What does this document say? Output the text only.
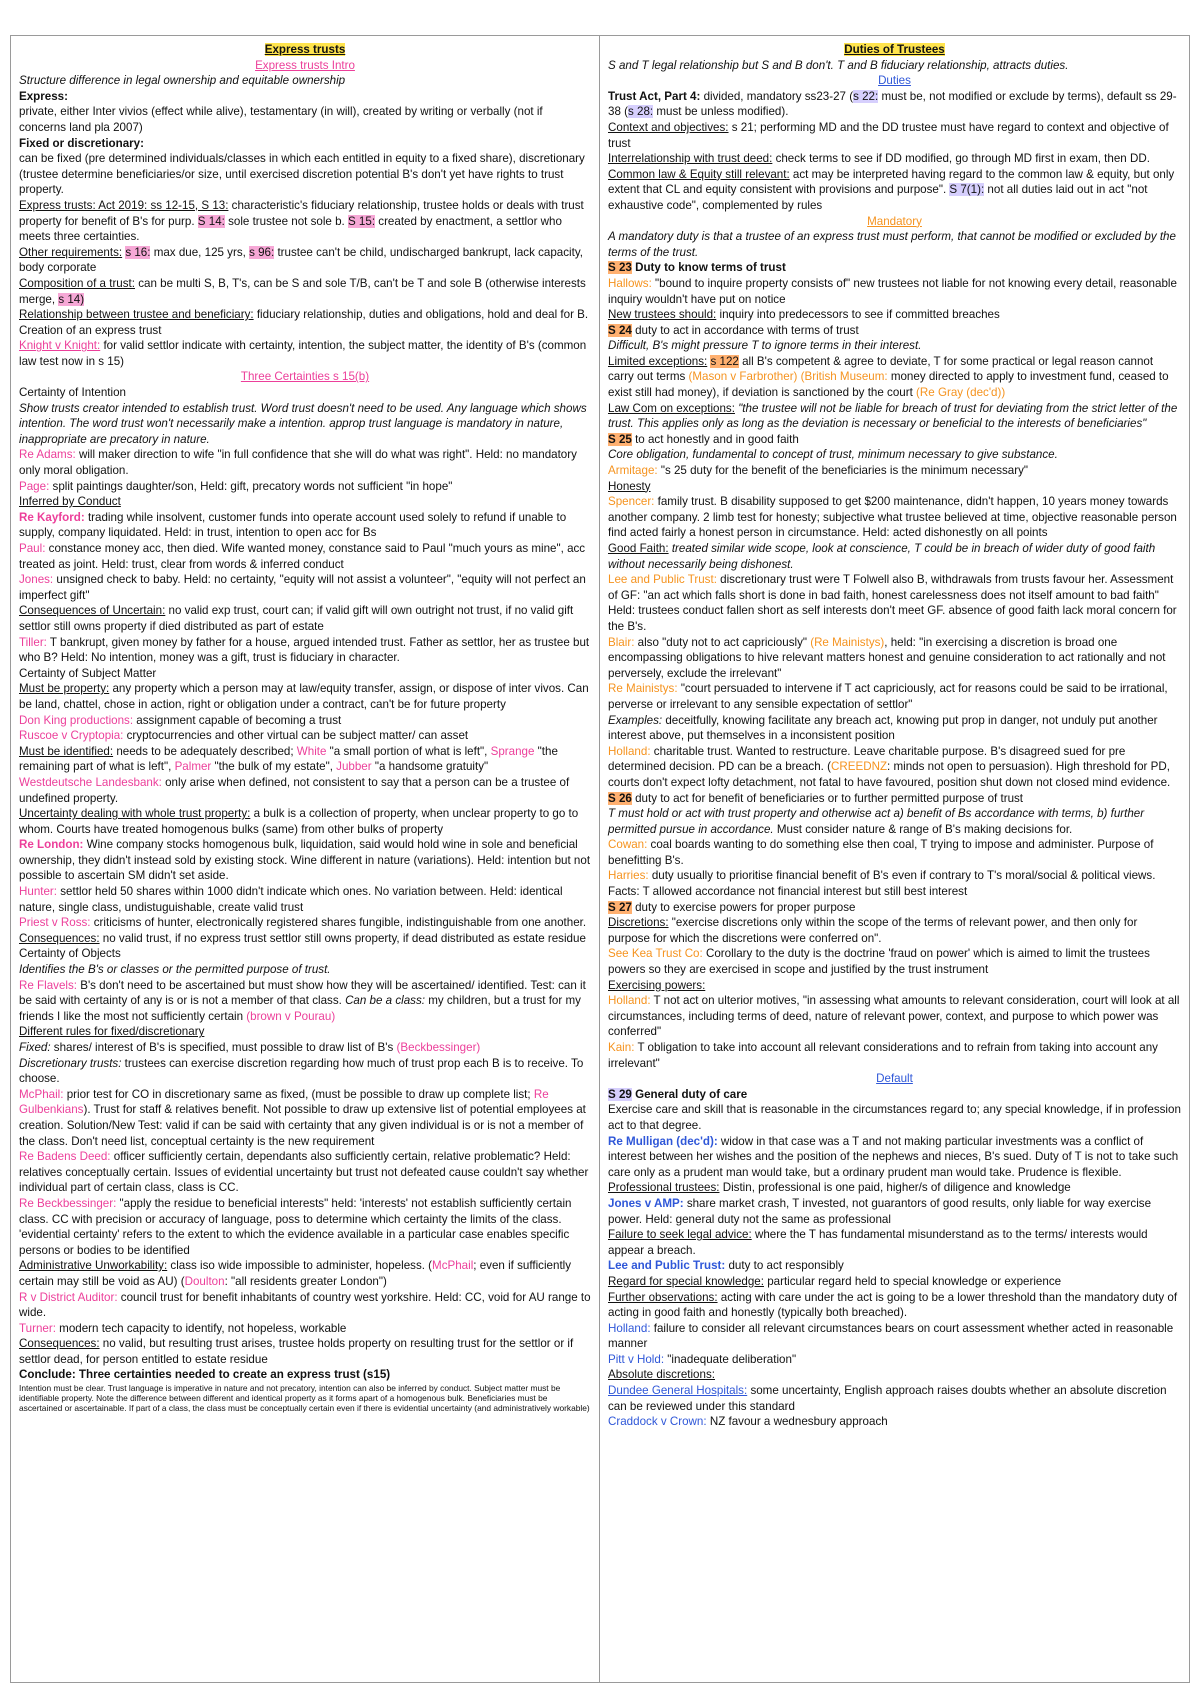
Express trusts

Express trusts Intro

Structure difference in legal ownership and equitable ownership

Express:

private, either Inter vivios (effect while alive), testamentary (in will), created by writing or verbally (not if concerns land pla 2007)

Fixed or discretionary:

can be fixed (pre determined individuals/classes in which each entitled in equity to a fixed share), discretionary (trustee determine beneficiaries/or size, until exercised discretion potential B's don't yet have rights to trust property.

Express trusts: Act 2019: ss 12-15, S 13: characteristic's fiduciary relationship, trustee holds or deals with trust property for benefit of B's for purp. S 14: sole trustee not sole b. S 15: created by enactment, a settlor who meets three certainties.

Other requirements: s 16: max due, 125 yrs, s 96: trustee can't be child, undischarged bankrupt, lack capacity, body corporate

Composition of a trust: can be multi S, B, T's, can be S and sole T/B, can't be T and sole B (otherwise interests merge, s 14)

Relationship between trustee and beneficiary: fiduciary relationship, duties and obligations, hold and deal for B.

Creation of an express trust

Knight v Knight: for valid settlor indicate with certainty, intention, the subject matter, the identity of B's (common law test now in s 15)

Three Certainties s 15(b)

Certainty of Intention

Show trusts creator intended to establish trust. Word trust doesn't need to be used. Any language which shows intention. The word trust won't necessarily make a intention. approp trust language is mandatory in nature, inappropriate are precatory in nature.

Re Adams: will maker direction to wife "in full confidence that she will do what was right". Held: no mandatory only moral obligation.

Page: split paintings daughter/son, Held: gift, precatory words not sufficient "in hope"

Inferred by Conduct

Re Kayford: trading while insolvent, customer funds into operate account used solely to refund if unable to supply, company liquidated. Held: in trust, intention to open acc for Bs

Paul: constance money acc, then died. Wife wanted money, constance said to Paul "much yours as mine", acc treated as joint. Held: trust, clear from words & inferred conduct

Jones: unsigned check to baby. Held: no certainty, "equity will not assist a volunteer", "equity will not perfect an imperfect gift"

Consequences of Uncertain: no valid exp trust, court can; if valid gift will own outright not trust, if no valid gift settlor still owns property if died distributed as part of estate

Tiller: T bankrupt, given money by father for a house, argued intended trust. Father as settlor, her as trustee but who B? Held: No intention, money was a gift, trust is fiduciary in character.

Certainty of Subject Matter

Must be property: any property which a person may at law/equity transfer, assign, or dispose of inter vivos. Can be land, chattel, chose in action, right or obligation under a contract, can't be for future property

Don King productions: assignment capable of becoming a trust

Ruscoe v Cryptopia: cryptocurrencies and other virtual can be subject matter/ can asset

Must be identified: needs to be adequately described; White "a small portion of what is left", Sprange "the remaining part of what is left", Palmer "the bulk of my estate", Jubber "a handsome gratuity"

Westdeutsche Landesbank: only arise when defined, not consistent to say that a person can be a trustee of undefined property.

Uncertainty dealing with whole trust property: a bulk is a collection of property, when unclear property to go to whom. Courts have treated homogenous bulks (same) from other bulks of property

Re London: Wine company stocks homogenous bulk, liquidation, said would hold wine in sole and beneficial ownership, they didn't instead sold by existing stock. Wine different in nature (variations). Held: intention but not possible to ascertain SM didn't set aside.

Hunter: settlor held 50 shares within 1000 didn't indicate which ones. No variation between. Held: identical nature, single class, undistuguishable, create valid trust

Priest v Ross: criticisms of hunter, electronically registered shares fungible, indistinguishable from one another.

Consequences: no valid trust, if no express trust settlor still owns property, if dead distributed as estate residue

Certainty of Objects

Identifies the B's or classes or the permitted purpose of trust.

Re Flavels: B's don't need to be ascertained but must show how they will be ascertained/ identified. Test: can it be said with certainty of any is or is not a member of that class. Can be a class: my children, but a trust for my friends I like the most not sufficiently certain (brown v Pourau)

Different rules for fixed/discretionary

Fixed: shares/ interest of B's is specified, must possible to draw list of B's (Beckbessinger)

Discretionary trusts: trustees can exercise discretion regarding how much of trust prop each B is to receive. To choose.

McPhail: prior test for CO in discretionary same as fixed, (must be possible to draw up complete list; Re Gulbenkians). Trust for staff & relatives benefit. Not possible to draw up extensive list of potential employees at creation. Solution/New Test: valid if can be said with certainty that any given individual is or is not a member of the class. Don't need list, conceptual certainty is the new requirement

Re Badens Deed: officer sufficiently certain, dependants also sufficiently certain, relative problematic? Held: relatives conceptually certain. Issues of evidential uncertainty but trust not defeated cause couldn't say whether individual part of certain class, class is CC.

Re Beckbessinger: "apply the residue to beneficial interests" held: 'interests' not establish sufficiently certain class. CC with precision or accuracy of language, poss to determine which certainty the limits of the class. 'evidential certainty' refers to the extent to which the evidence available in a particular case enables specific persons or bodies to be identified

Administrative Unworkability: class iso wide impossible to administer, hopeless. (McPhail; even if sufficiently certain may still be void as AU) (Doulton: "all residents greater London")

R v District Auditor: council trust for benefit inhabitants of country west yorkshire. Held: CC, void for AU range to wide.

Turner: modern tech capacity to identify, not hopeless, workable

Consequences: no valid, but resulting trust arises, trustee holds property on resulting trust for the settlor or if settlor dead, for person entitled to estate residue

Conclude: Three certainties needed to create an express trust (s15)

Intention must be clear. Trust language is imperative in nature and not precatory, intention can also be inferred by conduct. Subject matter must be identifiable property. Note the difference between different and identical property as it forms apart of a homogenous bulk. Beneficiaries must be ascertained or ascertainable. If part of a class, the class must be conceptually certain even if there is evidential uncertainty (and administratively workable)

Duties of Trustees

S and T legal relationship but S and B don't. T and B fiduciary relationship, attracts duties.

Duties

Trust Act, Part 4: divided, mandatory ss23-27 (s 22: must be, not modified or exclude by terms), default ss 29-38 (s 28: must be unless modified).

Context and objectives: s 21; performing MD and the DD trustee must have regard to context and objective of trust

Interrelationship with trust deed: check terms to see if DD modified, go through MD first in exam, then DD.

Common law & Equity still relevant: act may be interpreted having regard to the common law & equity, but only extent that CL and equity consistent with provisions and purpose". S 7(1): not all duties laid out in act "not exhaustive code", complemented by rules

Mandatory

A mandatory duty is that a trustee of an express trust must perform, that cannot be modified or excluded by the terms of the trust.

S 23 Duty to know terms of trust

Hallows: "bound to inquire property consists of" new trustees not liable for not knowing every detail, reasonable inquiry wouldn't have put on notice

New trustees should: inquiry into predecessors to see if committed breaches

S 24 duty to act in accordance with terms of trust

Difficult, B's might pressure T to ignore terms in their interest.

Limited exceptions: s 122 all B's competent & agree to deviate, T for some practical or legal reason cannot carry out terms (Mason v Farbrother) (British Museum: money directed to apply to investment fund, ceased to exist still had money), if deviation is sanctioned by the court (Re Gray (dec'd))

Law Com on exceptions: "the trustee will not be liable for breach of trust for deviating from the strict letter of the trust. This applies only as long as the deviation is necessary or beneficial to the interests of beneficiaries"

S 25 to act honestly and in good faith

Core obligation, fundamental to concept of trust, minimum necessary to give substance.

Armitage: "s 25 duty for the benefit of the beneficiaries is the minimum necessary"

Honesty

Spencer: family trust. B disability supposed to get $200 maintenance, didn't happen, 10 years money towards another company. 2 limb test for honesty; subjective what trustee believed at time, objective reasonable person find acted fairly a honest person in circumstance. Held: acted dishonestly on all points

Good Faith: treated similar wide scope, look at conscience, T could be in breach of wider duty of good faith without necessarily being dishonest.

Lee and Public Trust: discretionary trust were T Folwell also B, withdrawals from trusts favour her. Assessment of GF: "an act which falls short is done in bad faith, honest carelessness does not itself amount to bad faith" Held: trustees conduct fallen short as self interests don't meet GF. absence of good faith lack moral concern for the B's.

Blair: also "duty not to act capriciously" (Re Mainistys), held: "in exercising a discretion is broad one encompassing obligations to hive relevant matters honest and genuine consideration to act rationally and not perversely, exclude the irrelevant"

Re Mainistys: "court persuaded to intervene if T act capriciously, act for reasons could be said to be irrational, perverse or irrelevant to any sensible expectation of settlor"

Examples: deceitfully, knowing facilitate any breach act, knowing put prop in danger, not unduly put another interest above, put themselves in a inconsistent position

Holland: charitable trust. Wanted to restructure. Leave charitable purpose. B's disagreed sued for pre determined decision. PD can be a breach. (CREEDNZ: minds not open to persuasion). High threshold for PD, courts don't expect lofty detachment, not fatal to have favoured, position shut down not closed mind evidence.

S 26 duty to act for benefit of beneficiaries or to further permitted purpose of trust

T must hold or act with trust property and otherwise act a) benefit of Bs accordance with terms, b) further permitted pursue in accordance. Must consider nature & range of B's making decisions for.

Cowan: coal boards wanting to do something else then coal, T trying to impose and administer. Purpose of benefitting B's.

Harries: duty usually to prioritise financial benefit of B's even if contrary to T's moral/social & political views. Facts: T allowed accordance not financial interest but still best interest

S 27 duty to exercise powers for proper purpose

Discretions: "exercise discretions only within the scope of the terms of relevant power, and then only for purpose for which the discretions were conferred on".

See Kea Trust Co: Corollary to the duty is the doctrine 'fraud on power' which is aimed to limit the trustees powers so they are exercised in scope and justified by the trust instrument

Exercising powers:

Holland: T not act on ulterior motives, "in assessing what amounts to relevant consideration, court will look at all circumstances, including terms of deed, nature of relevant power, context, and purpose to which power was conferred"

Kain: T obligation to take into account all relevant considerations and to refrain from taking into account any irrelevant"

Default

S 29 General duty of care

Exercise care and skill that is reasonable in the circumstances regard to; any special knowledge, if in profession act to that degree.

Re Mulligan (dec'd): widow in that case was a T and not making particular investments was a conflict of interest between her wishes and the position of the nephews and nieces, B's sued. Duty of T is not to take such care only as a prudent man would take, but a ordinary prudent man would take. Prudence is flexible.

Professional trustees: Distin, professional is one paid, higher/s of diligence and knowledge

Jones v AMP: share market crash, T invested, not guarantors of good results, only liable for way exercise power. Held: general duty not the same as professional

Failure to seek legal advice: where the T has fundamental misunderstand as to the terms/ interests would appear a breach.

Lee and Public Trust: duty to act responsibly

Regard for special knowledge: particular regard held to special knowledge or experience

Further observations: acting with care under the act is going to be a lower threshold than the mandatory duty of acting in good faith and honestly (typically both breached).

Holland: failure to consider all relevant circumstances bears on court assessment whether acted in reasonable manner

Pitt v Hold: "inadequate deliberation"

Absolute discretions:

Dundee General Hospitals: some uncertainty, English approach raises doubts whether an absolute discretion can be reviewed under this standard

Craddock v Crown: NZ favour a wednesbury approach
